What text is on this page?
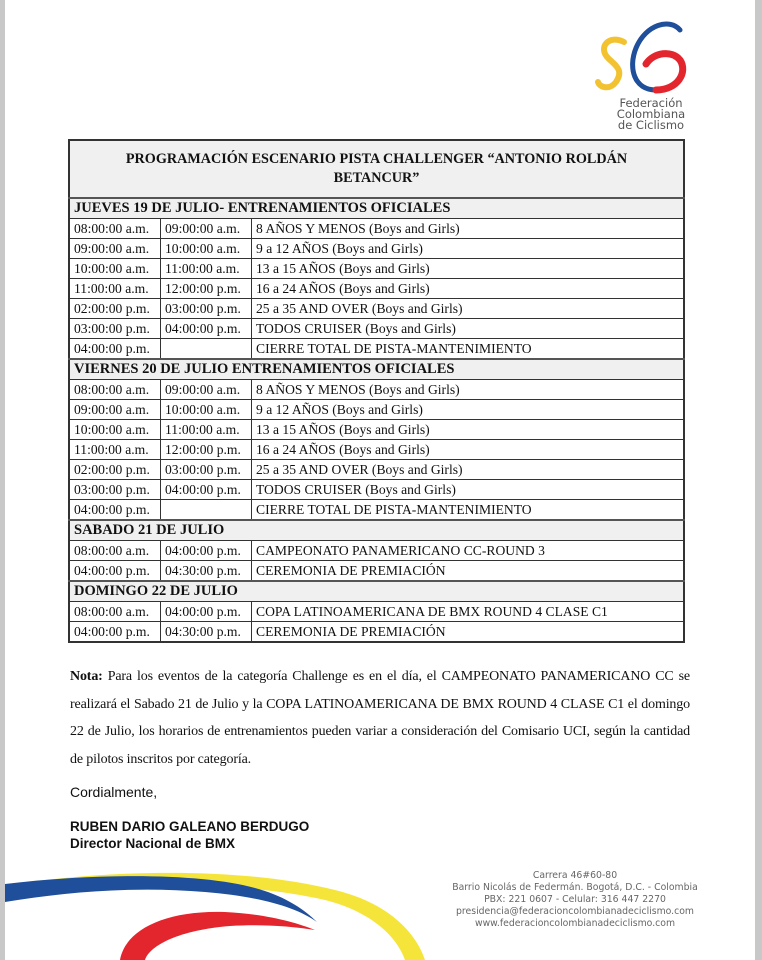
Federación
Colombiana
de Ciclismo
PROGRAMACIÓN ESCENARIO PISTA CHALLENGER “ANTONIO ROLDÁN BETANCUR”		
JUEVES 19 DE JULIO- ENTRENAMIENTOS OFICIALES		
08:00:00 a.m.	09:00:00 a.m.	8 AÑOS Y MENOS (Boys and Girls)
09:00:00 a.m.	10:00:00 a.m.	9 a 12 AÑOS (Boys and Girls)
10:00:00 a.m.	11:00:00 a.m.	13 a 15 AÑOS (Boys and Girls)
11:00:00 a.m.	12:00:00 p.m.	16 a 24 AÑOS (Boys and Girls)
02:00:00 p.m.	03:00:00 p.m.	25 a 35 AND OVER (Boys and Girls)
03:00:00 p.m.	04:00:00 p.m.	TODOS CRUISER (Boys and Girls)
04:00:00 p.m.		CIERRE TOTAL DE PISTA-MANTENIMIENTO
VIERNES 20 DE JULIO ENTRENAMIENTOS OFICIALES		
08:00:00 a.m.	09:00:00 a.m.	8 AÑOS Y MENOS (Boys and Girls)
09:00:00 a.m.	10:00:00 a.m.	9 a 12 AÑOS (Boys and Girls)
10:00:00 a.m.	11:00:00 a.m.	13 a 15 AÑOS (Boys and Girls)
11:00:00 a.m.	12:00:00 p.m.	16 a 24 AÑOS (Boys and Girls)
02:00:00 p.m.	03:00:00 p.m.	25 a 35 AND OVER (Boys and Girls)
03:00:00 p.m.	04:00:00 p.m.	TODOS CRUISER (Boys and Girls)
04:00:00 p.m.		CIERRE TOTAL DE PISTA-MANTENIMIENTO
SABADO 21 DE JULIO		
08:00:00 a.m.	04:00:00 p.m.	CAMPEONATO PANAMERICANO CC-ROUND 3
04:00:00 p.m.	04:30:00 p.m.	CEREMONIA DE PREMIACIÓN
DOMINGO 22 DE JULIO		
08:00:00 a.m.	04:00:00 p.m.	COPA LATINOAMERICANA DE BMX ROUND 4 CLASE C1
04:00:00 p.m.	04:30:00 p.m.	CEREMONIA DE PREMIACIÓN
Nota: Para los eventos de la categoría Challenge es en el día, el CAMPEONATO PANAMERICANO CC se realizará el Sabado 21 de Julio y la COPA LATINOAMERICANA DE BMX ROUND 4 CLASE C1 el domingo 22 de Julio, los horarios de entrenamientos pueden variar a consideración del Comisario UCI, según la cantidad de pilotos inscritos por categoría.
Cordialmente,
RUBEN DARIO GALEANO BERDUGO
Director Nacional de BMX
Carrera 46#60-80
Barrio Nicolás de Federmán. Bogotá, D.C. - Colombia
PBX: 221 0607 - Celular: 316 447 2270
presidencia@federacioncolombianadeciclismo.com
www.federacioncolombianadeciclismo.com
